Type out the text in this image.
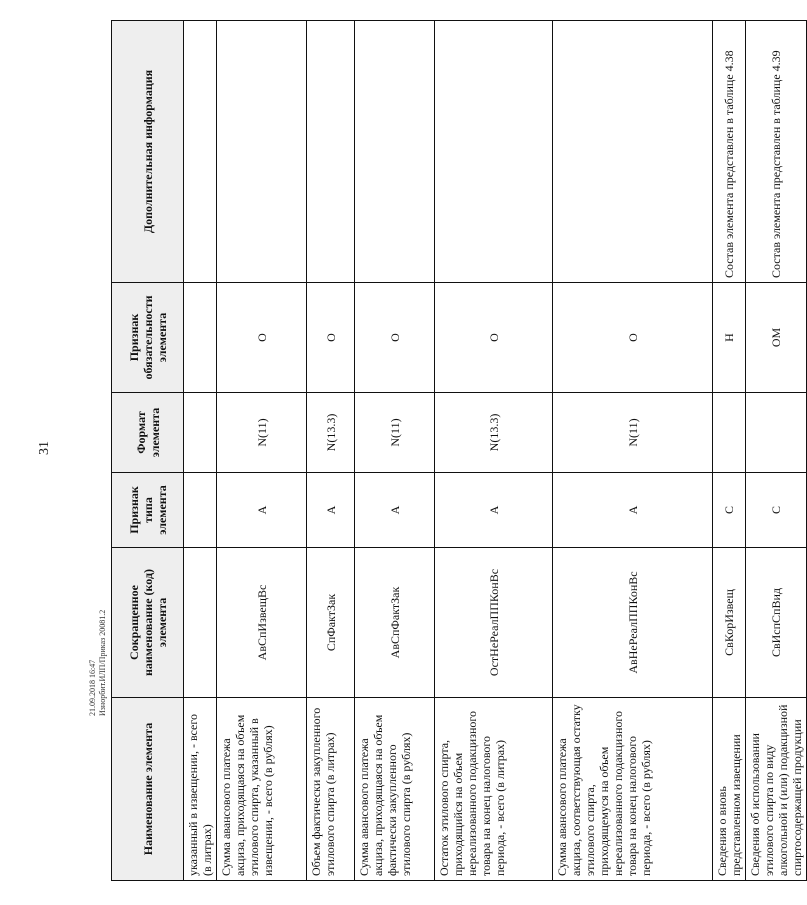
31
21.09.2018 16:47 Изнорбит.ИЛП/Приказ 20081.2
Наименование элемента	Сокращенное наименование (код) элемента	Признак типа элемента	Формат элемента	Признак обязательности элемента	Дополнительная информация
указанный в извещении, - всего (в литрах)					
Сумма авансового платежа акциза, приходящаяся на объем этилового спирта, указанный в извещении, - всего (в рублях)	АвСпИзвещВс	А	N(11)	О	
Объем фактически закупленного этилового спирта (в литрах)	СпФактЗак	А	N(13.3)	О	
Сумма авансового платежа акциза, приходящаяся на объем фактически закупленного этилового спирта (в рублях)	АвСпФактЗак	А	N(11)	О	
Остаток этилового спирта, приходящийся на объем нереализованного подакцизного товара на конец налогового периода, - всего (в литрах)	ОстНеРеалППКонВс	А	N(13.3)	О	
Сумма авансового платежа акциза, соответствующая остатку этилового спирта, приходящемуся на объем нереализованного подакцизного товара на конец налогового периода, - всего (в рублях)	АвНеРеалППКонВс	А	N(11)	О	
Сведения о вновь представленном извещении	СвКорИзвещ	С		Н	Состав элемента представлен в таблице 4.38
Сведения об использовании этилового спирта по виду алкогольной и (или) подакцизной спиртосодержащей продукции	СвИспСпВид	С		ОМ	Состав элемента представлен в таблице 4.39
